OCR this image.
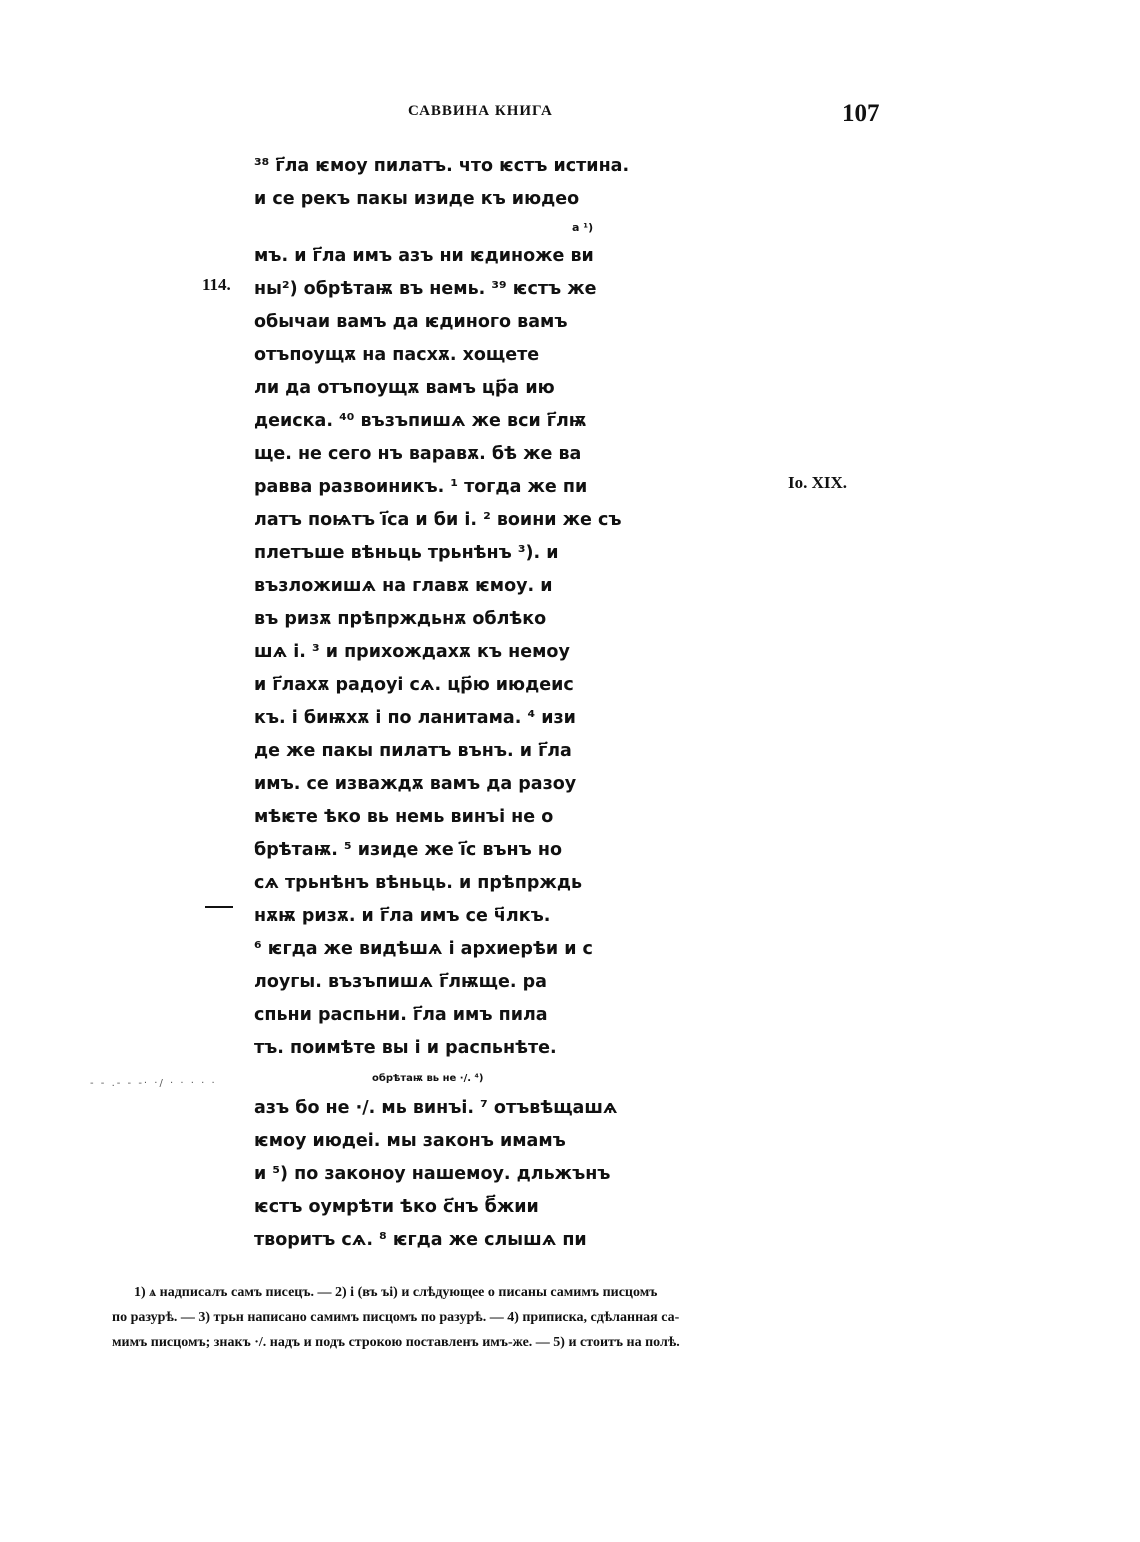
САВВИНА КНИГА	107
114.
Io. XIX.
³⁸ г҃ла ѥмоу пилатъ. что ѥстъ истина.
и се рекъ пакы изиде къ июдео
а ¹)
мъ. и г҃ла имъ азъ ни ѥдиноже ви
ны²) обрѣтаѭ въ немь. ³⁹ ѥстъ же
обычаи вамъ да ѥдиного вамъ
отъпоущѫ на пасхѫ. хощете
ли да отъпоущѫ вамъ цр҃а ию
деиска. ⁴⁰ възъпишѧ же вси г҃лѭ
ще. не сего нъ варавѫ. бѣ же ва
равва развоиникъ. ¹ тогда же пи
латъ поѩтъ і҃са и би і. ² воини же съ
плетъше вѣньць трьнѣнъ ³). и
възложишѧ на главѫ ѥмоу. и
въ ризѫ прѣпрждьнѫ облѣко
шѧ і. ³ и прихождахѫ къ немоу
и г҃лахѫ радоуі сѧ. цр҃ю июдеис
къ. і биѭхѫ і по ланитама. ⁴ изи
де же пакы пилатъ вънъ. и г҃ла
имъ. се изваждѫ вамъ да разоу
мѣѥте ѣко вь немь винъі не о
брѣтаѭ. ⁵ изиде же і҃с вънъ но
сѧ трьнѣнъ вѣньць. и прѣпрждь
нѫѭ ризѫ. и г҃ла имъ се ч҃лкъ.
⁶ ѥгда же видѣшѧ і архиерѣи и с
лоугы. възъпишѧ г҃лѭще. ра
спьни распьни. г҃ла имъ пила
тъ. поимѣте вы і и распьнѣте.
обрѣтаѭ вь не ·/. ⁴)
азъ бо не ·/. мь винъі. ⁷ отъвѣщашѧ
ѥмоу июдеі. мы законъ имамъ
и ⁵) по законоу нашемоу. дльжънъ
ѥстъ оумрѣти ѣко с҃нъ б҃жии
творитъ сѧ. ⁸ ѥгда же слышѧ пи
- - .- - -· ·/ · · · · ·

1) ѧ надписалъ самъ писецъ. — 2) і (въ ъі) и слѣдующее о писаны самимъ писцомъ

по разурѣ. — 3) трьн написано самимъ писцомъ по разурѣ. — 4) приписка, сдѣланная са-

мимъ писцомъ; знакъ ·/. надъ и подъ строкою поставленъ имъ-же. — 5) и стоитъ на полѣ.
